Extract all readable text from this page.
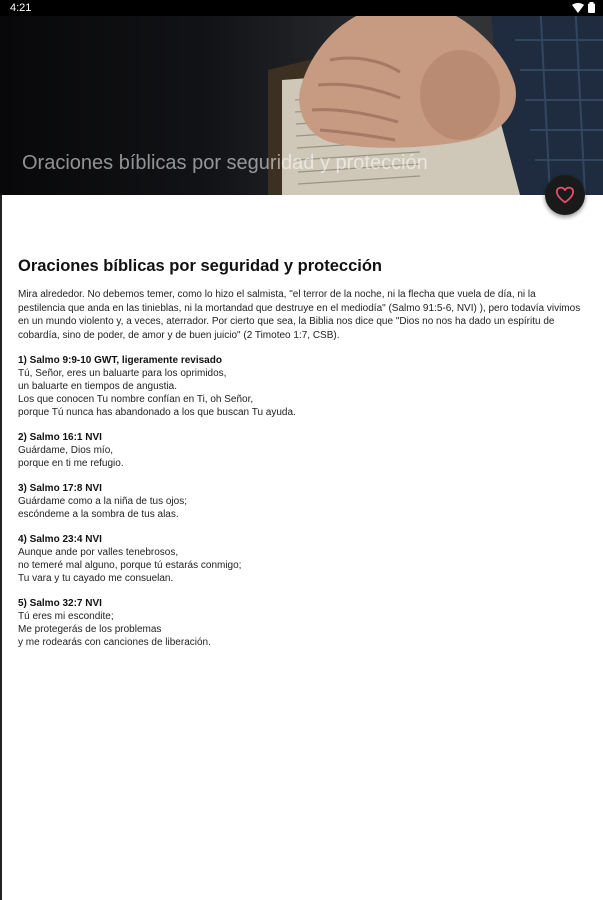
Oraciones bíblicas por seguridad y protección
4:21
Oraciones bíblicas por seguridad y protección
Mira alrededor. No debemos temer, como lo hizo el salmista, "el terror de la noche, ni la flecha que vuela de día, ni la pestilencia que anda en las tinieblas, ni la mortandad que destruye en el mediodía" (Salmo 91:5-6, NVI) ), pero todavía vivimos en un mundo violento y, a veces, aterrador. Por cierto que sea, la Biblia nos dice que "Dios no nos ha dado un espíritu de cobardía, sino de poder, de amor y de buen juicio" (2 Timoteo 1:7, CSB).
1) Salmo 9:9-10 GWT, ligeramente revisado
Tú, Señor, eres un baluarte para los oprimidos,
un baluarte en tiempos de angustia.
Los que conocen Tu nombre confían en Ti, oh Señor,
porque Tú nunca has abandonado a los que buscan Tu ayuda.
2) Salmo 16:1 NVI
Guárdame, Dios mío,
porque en ti me refugio.
3) Salmo 17:8 NVI
Guárdame como a la niña de tus ojos;
escóndeme a la sombra de tus alas.
4) Salmo 23:4 NVI
Aunque ande por valles tenebrosos,
no temeré mal alguno, porque tú estarás conmigo;
Tu vara y tu cayado me consuelan.
5) Salmo 32:7 NVI
Tú eres mi escondite;
Me protegerás de los problemas
y me rodearás con canciones de liberación.
